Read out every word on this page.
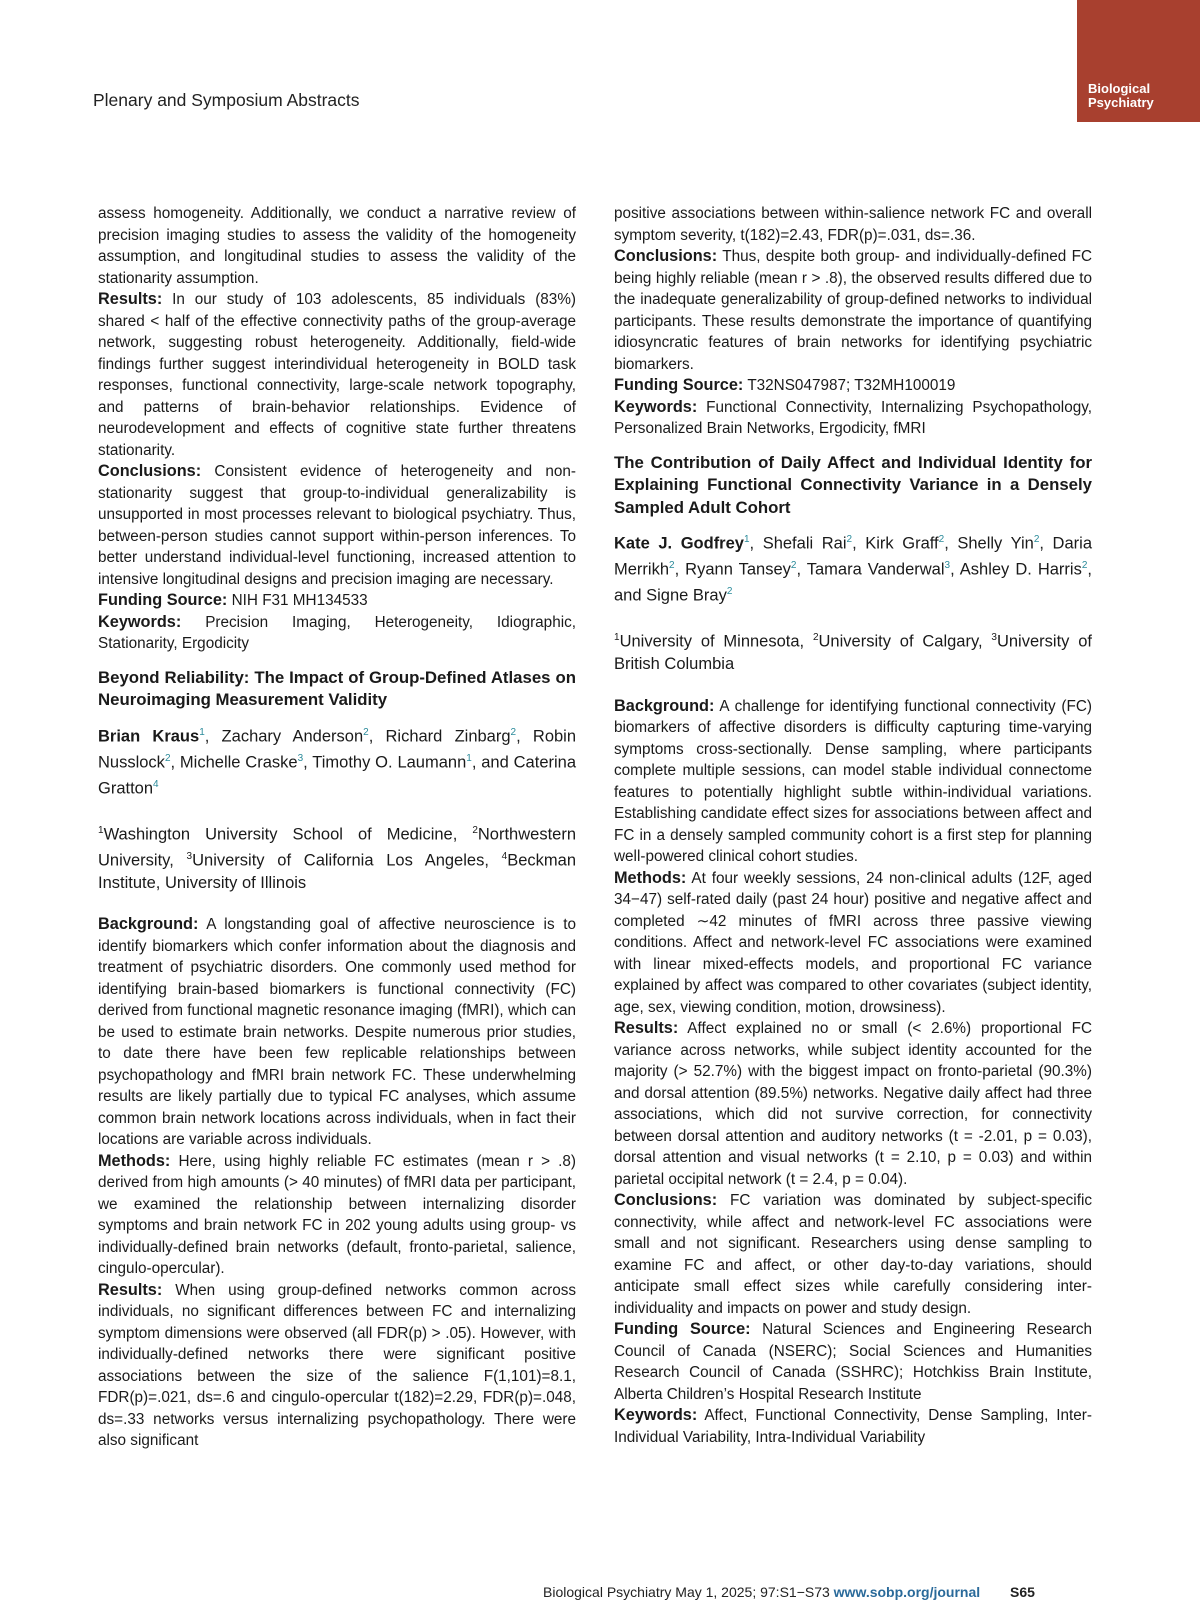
Plenary and Symposium Abstracts
Biological
Psychiatry

assess homogeneity. Additionally, we conduct a narrative review of precision imaging studies to assess the validity of the homogeneity assumption, and longitudinal studies to assess the validity of the stationarity assumption.

Results: In our study of 103 adolescents, 85 individuals (83%) shared < half of the effective connectivity paths of the group-average network, suggesting robust heterogeneity. Additionally, field-wide findings further suggest interindividual heterogeneity in BOLD task responses, functional connectivity, large-scale network topography, and patterns of brain-behavior relationships. Evidence of neurodevelopment and effects of cognitive state further threatens stationarity.

Conclusions: Consistent evidence of heterogeneity and non-stationarity suggest that group-to-individual generalizability is unsupported in most processes relevant to biological psychiatry. Thus, between-person studies cannot support within-person inferences. To better understand individual-level functioning, increased attention to intensive longitudinal designs and precision imaging are necessary.

Funding Source: NIH F31 MH134533

Keywords: Precision Imaging, Heterogeneity, Idiographic, Stationarity, Ergodicity

Beyond Reliability: The Impact of Group-Defined Atlases on Neuroimaging Measurement Validity

Brian Kraus$^1$, Zachary Anderson$^2$, Richard Zinbarg$^2$, Robin Nusslock$^2$, Michelle Craske$^3$, Timothy O. Laumann$^1$, and Caterina Gratton$^4$

$^1$Washington University School of Medicine, $^2$Northwestern University, $^3$University of California Los Angeles, $^4$Beckman Institute, University of Illinois

Background: A longstanding goal of affective neuroscience is to identify biomarkers which confer information about the diagnosis and treatment of psychiatric disorders. One commonly used method for identifying brain-based biomarkers is functional connectivity (FC) derived from functional magnetic resonance imaging (fMRI), which can be used to estimate brain networks. Despite numerous prior studies, to date there have been few replicable relationships between psychopathology and fMRI brain network FC. These underwhelming results are likely partially due to typical FC analyses, which assume common brain network locations across individuals, when in fact their locations are variable across individuals.

Methods: Here, using highly reliable FC estimates (mean r > .8) derived from high amounts (> 40 minutes) of fMRI data per participant, we examined the relationship between internalizing disorder symptoms and brain network FC in 202 young adults using group- vs individually-defined brain networks (default, fronto-parietal, salience, cingulo-opercular).

Results: When using group-defined networks common across individuals, no significant differences between FC and internalizing symptom dimensions were observed (all FDR(p) > .05). However, with individually-defined networks there were significant positive associations between the size of the salience F(1,101)=8.1, FDR(p)=.021, ds=.6 and cingulo-opercular t(182)=2.29, FDR(p)=.048, ds=.33 networks versus internalizing psychopathology. There were also significant

positive associations between within-salience network FC and overall symptom severity, t(182)=2.43, FDR(p)=.031, ds=.36.

Conclusions: Thus, despite both group- and individually-defined FC being highly reliable (mean r > .8), the observed results differed due to the inadequate generalizability of group-defined networks to individual participants. These results demonstrate the importance of quantifying idiosyncratic features of brain networks for identifying psychiatric biomarkers.

Funding Source: T32NS047987; T32MH100019

Keywords: Functional Connectivity, Internalizing Psychopathology, Personalized Brain Networks, Ergodicity, fMRI

The Contribution of Daily Affect and Individual Identity for Explaining Functional Connectivity Variance in a Densely Sampled Adult Cohort

Kate J. Godfrey$^1$, Shefali Rai$^2$, Kirk Graff$^2$, Shelly Yin$^2$, Daria Merrikh$^2$, Ryann Tansey$^2$, Tamara Vanderwal$^3$, Ashley D. Harris$^2$, and Signe Bray$^2$

$^1$University of Minnesota, $^2$University of Calgary, $^3$University of British Columbia

Background: A challenge for identifying functional connectivity (FC) biomarkers of affective disorders is difficulty capturing time-varying symptoms cross-sectionally. Dense sampling, where participants complete multiple sessions, can model stable individual connectome features to potentially highlight subtle within-individual variations. Establishing candidate effect sizes for associations between affect and FC in a densely sampled community cohort is a first step for planning well-powered clinical cohort studies.

Methods: At four weekly sessions, 24 non-clinical adults (12F, aged 34−47) self-rated daily (past 24 hour) positive and negative affect and completed ∼42 minutes of fMRI across three passive viewing conditions. Affect and network-level FC associations were examined with linear mixed-effects models, and proportional FC variance explained by affect was compared to other covariates (subject identity, age, sex, viewing condition, motion, drowsiness).

Results: Affect explained no or small (< 2.6%) proportional FC variance across networks, while subject identity accounted for the majority (> 52.7%) with the biggest impact on fronto-parietal (90.3%) and dorsal attention (89.5%) networks. Negative daily affect had three associations, which did not survive correction, for connectivity between dorsal attention and auditory networks (t = -2.01, p = 0.03), dorsal attention and visual networks (t = 2.10, p = 0.03) and within parietal occipital network (t = 2.4, p = 0.04).

Conclusions: FC variation was dominated by subject-specific connectivity, while affect and network-level FC associations were small and not significant. Researchers using dense sampling to examine FC and affect, or other day-to-day variations, should anticipate small effect sizes while carefully considering inter-individuality and impacts on power and study design.

Funding Source: Natural Sciences and Engineering Research Council of Canada (NSERC); Social Sciences and Humanities Research Council of Canada (SSHRC); Hotchkiss Brain Institute, Alberta Children’s Hospital Research Institute

Keywords: Affect, Functional Connectivity, Dense Sampling, Inter-Individual Variability, Intra-Individual Variability

Biological Psychiatry May 1, 2025; 97:S1−S73 www.sobp.org/journal S65
